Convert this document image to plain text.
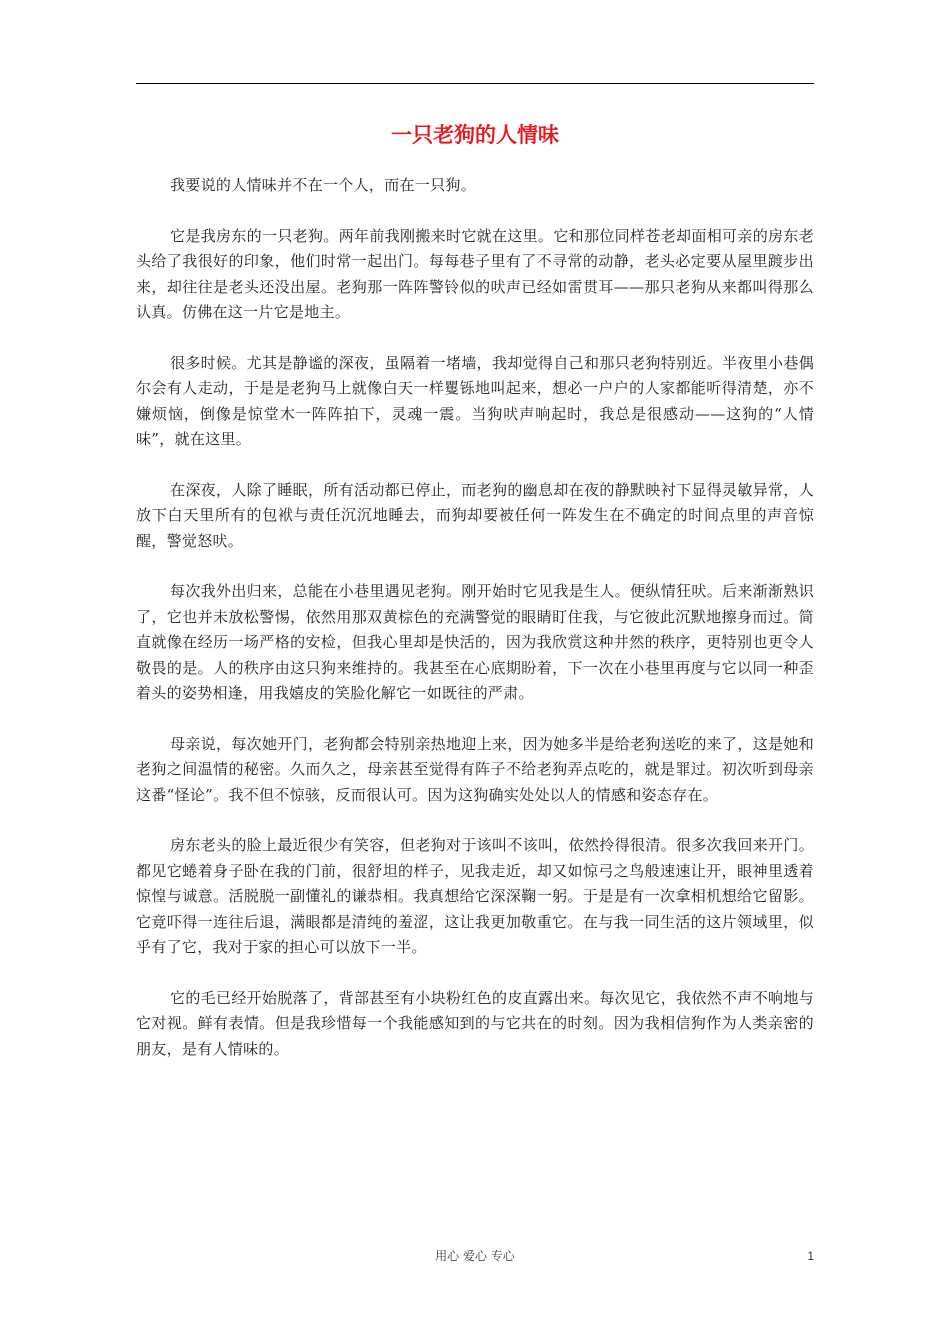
一只老狗的人情味

我要说的人情味并不在一个人，而在一只狗。

它是我房东的一只老狗。两年前我刚搬来时它就在这里。它和那位同样苍老却面相可亲的房东老头给了我很好的印象，他们时常一起出门。每每巷子里有了不寻常的动静，老头必定要从屋里踱步出来，却往往是老头还没出屋。老狗那一阵阵警铃似的吠声已经如雷贯耳——那只老狗从来都叫得那么认真。仿佛在这一片它是地主。

很多时候。尤其是静谧的深夜，虽隔着一堵墙，我却觉得自己和那只老狗特别近。半夜里小巷偶尔会有人走动，于是是老狗马上就像白天一样矍铄地叫起来，想必一户户的人家都能听得清楚，亦不嫌烦恼，倒像是惊堂木一阵阵拍下，灵魂一震。当狗吠声响起时，我总是很感动——这狗的“人情味”，就在这里。

在深夜，人除了睡眠，所有活动都已停止，而老狗的幽息却在夜的静默映衬下显得灵敏异常，人放下白天里所有的包袱与责任沉沉地睡去，而狗却要被任何一阵发生在不确定的时间点里的声音惊醒，警觉怒吠。

每次我外出归来，总能在小巷里遇见老狗。刚开始时它见我是生人。便纵情狂吠。后来渐渐熟识了，它也并未放松警惕，依然用那双黄棕色的充满警觉的眼睛盯住我，与它彼此沉默地擦身而过。简直就像在经历一场严格的安检，但我心里却是快活的，因为我欣赏这种井然的秩序，更特别也更令人敬畏的是。人的秩序由这只狗来维持的。我甚至在心底期盼着，下一次在小巷里再度与它以同一种歪着头的姿势相逢，用我嬉皮的笑脸化解它一如既往的严肃。

母亲说，每次她开门，老狗都会特别亲热地迎上来，因为她多半是给老狗送吃的来了，这是她和老狗之间温情的秘密。久而久之，母亲甚至觉得有阵子不给老狗弄点吃的，就是罪过。初次听到母亲这番“怪论”。我不但不惊骇，反而很认可。因为这狗确实处处以人的情感和姿态存在。

房东老头的脸上最近很少有笑容，但老狗对于该叫不该叫，依然拎得很清。很多次我回来开门。都见它蜷着身子卧在我的门前，很舒坦的样子，见我走近，却又如惊弓之鸟般速速让开，眼神里透着惊惶与诚意。活脱脱一副懂礼的谦恭相。我真想给它深深鞠一躬。于是是有一次拿相机想给它留影。它竟吓得一连往后退，满眼都是清纯的羞涩，这让我更加敬重它。在与我一同生活的这片领域里，似乎有了它，我对于家的担心可以放下一半。

它的毛已经开始脱落了，背部甚至有小块粉红色的皮直露出来。每次见它，我依然不声不响地与它对视。鲜有表情。但是我珍惜每一个我能感知到的与它共在的时刻。因为我相信狗作为人类亲密的朋友，是有人情味的。

用心 爱心 专心	1
